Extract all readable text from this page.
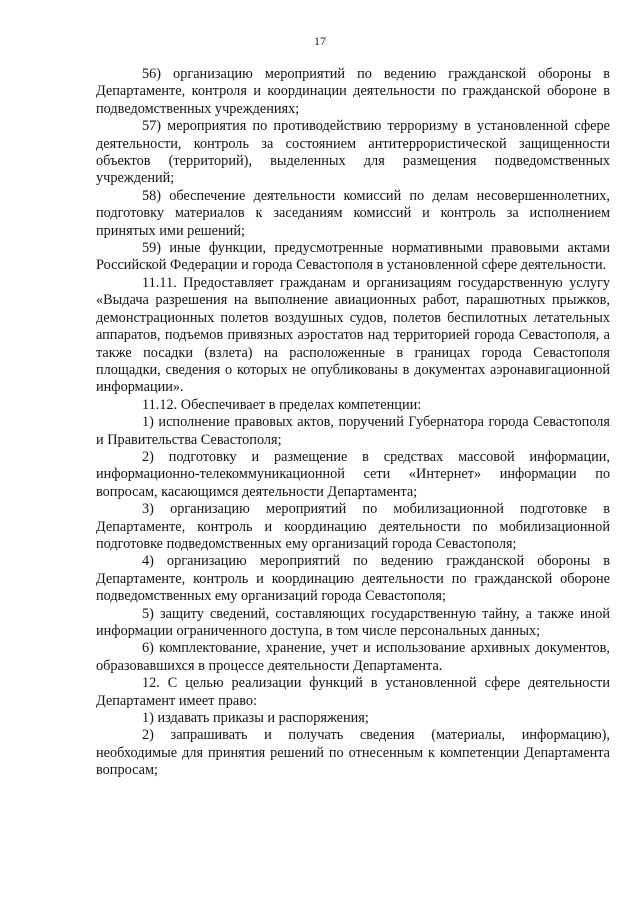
17

56) организацию мероприятий по ведению гражданской обороны в Департаменте, контроля и координации деятельности по гражданской обороне в подведомственных учреждениях;

57) мероприятия по противодействию терроризму в установленной сфере деятельности, контроль за состоянием антитеррористической защищенности объектов (территорий), выделенных для размещения подведомственных учреждений;

58) обеспечение деятельности комиссий по делам несовершеннолетних, подготовку материалов к заседаниям комиссий и контроль за исполнением принятых ими решений;

59) иные функции, предусмотренные нормативными правовыми актами Российской Федерации и города Севастополя в установленной сфере деятельности.

11.11. Предоставляет гражданам и организациям государственную услугу «Выдача разрешения на выполнение авиационных работ, парашютных прыжков, демонстрационных полетов воздушных судов, полетов беспилотных летательных аппаратов, подъемов привязных аэростатов над территорией города Севастополя, а также посадки (взлета) на расположенные в границах города Севастополя площадки, сведения о которых не опубликованы в документах аэронавигационной информации».

11.12. Обеспечивает в пределах компетенции:

1) исполнение правовых актов, поручений Губернатора города Севастополя и Правительства Севастополя;

2) подготовку и размещение в средствах массовой информации, информационно-телекоммуникационной сети «Интернет» информации по вопросам, касающимся деятельности Департамента;

3) организацию мероприятий по мобилизационной подготовке в Департаменте, контроль и координацию деятельности по мобилизационной подготовке подведомственных ему организаций города Севастополя;

4) организацию мероприятий по ведению гражданской обороны в Департаменте, контроль и координацию деятельности по гражданской обороне подведомственных ему организаций города Севастополя;

5) защиту сведений, составляющих государственную тайну, а также иной информации ограниченного доступа, в том числе персональных данных;

6) комплектование, хранение, учет и использование архивных документов, образовавшихся в процессе деятельности Департамента.

12. С целью реализации функций в установленной сфере деятельности Департамент имеет право:

1) издавать приказы и распоряжения;

2) запрашивать и получать сведения (материалы, информацию), необходимые для принятия решений по отнесенным к компетенции Департамента вопросам;
